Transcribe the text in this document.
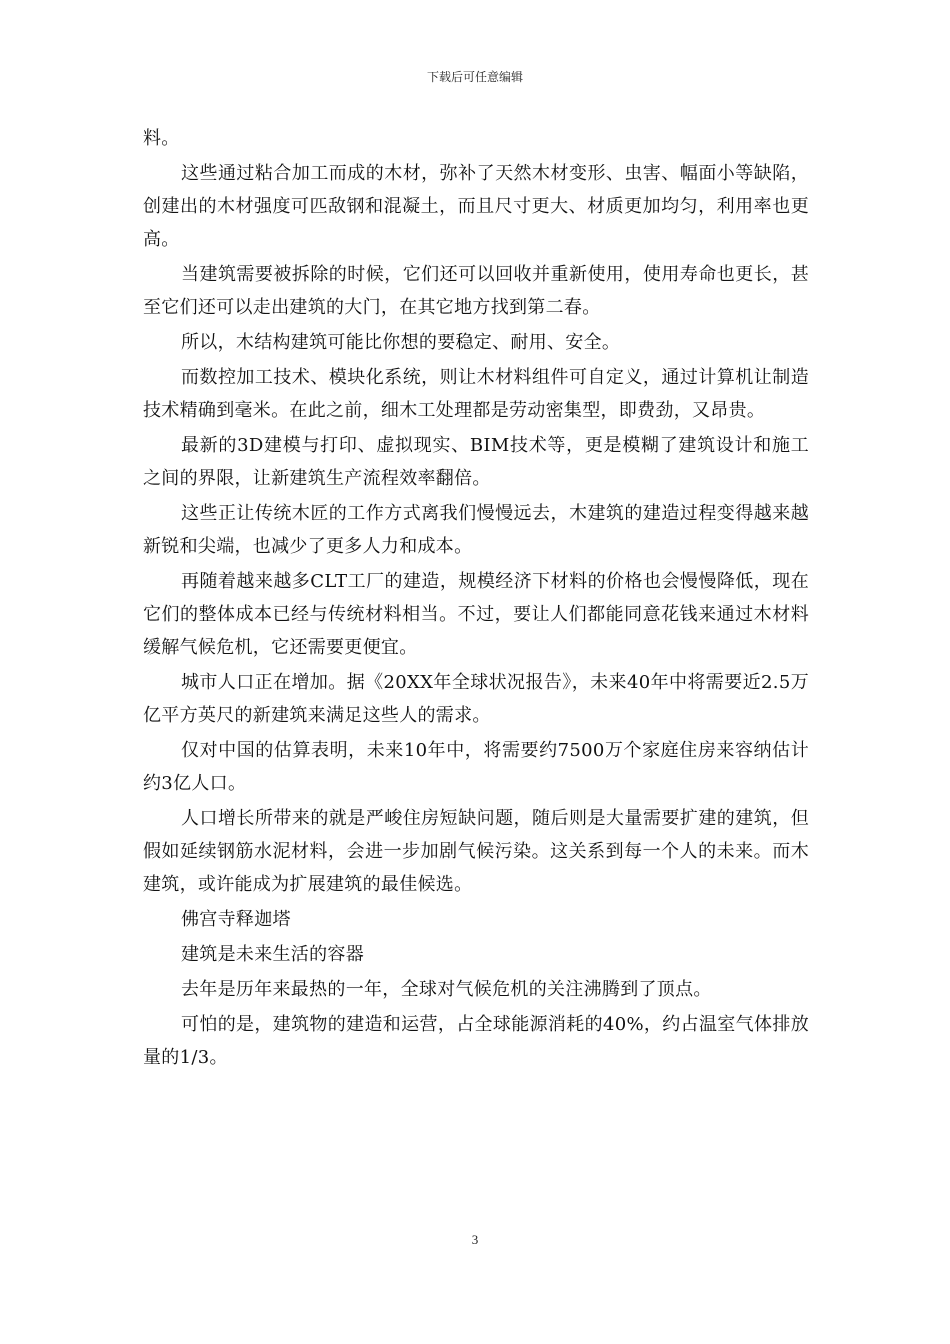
下载后可任意编辑

料。

这些通过粘合加工而成的木材，弥补了天然木材变形、虫害、幅面小等缺陷，创建出的木材强度可匹敌钢和混凝土，而且尺寸更大、材质更加均匀，利用率也更高。

当建筑需要被拆除的时候，它们还可以回收并重新使用，使用寿命也更长，甚至它们还可以走出建筑的大门，在其它地方找到第二春。

所以，木结构建筑可能比你想的要稳定、耐用、安全。

而数控加工技术、模块化系统，则让木材料组件可自定义，通过计算机让制造技术精确到毫米。在此之前，细木工处理都是劳动密集型，即费劲，又昂贵。

最新的3D建模与打印、虚拟现实、BIM技术等，更是模糊了建筑设计和施工之间的界限，让新建筑生产流程效率翻倍。

这些正让传统木匠的工作方式离我们慢慢远去，木建筑的建造过程变得越来越新锐和尖端，也减少了更多人力和成本。

再随着越来越多CLT工厂的建造，规模经济下材料的价格也会慢慢降低，现在它们的整体成本已经与传统材料相当。不过，要让人们都能同意花钱来通过木材料缓解气候危机，它还需要更便宜。

城市人口正在增加。据《20XX年全球状况报告》，未来40年中将需要近2.5万亿平方英尺的新建筑来满足这些人的需求。

仅对中国的估算表明，未来10年中，将需要约7500万个家庭住房来容纳估计约3亿人口。

人口增长所带来的就是严峻住房短缺问题，随后则是大量需要扩建的建筑，但假如延续钢筋水泥材料，会进一步加剧气候污染。这关系到每一个人的未来。而木建筑，或许能成为扩展建筑的最佳候选。

佛宫寺释迦塔

建筑是未来生活的容器

去年是历年来最热的一年，全球对气候危机的关注沸腾到了顶点。

可怕的是，建筑物的建造和运营，占全球能源消耗的40%，约占温室气体排放量的1/3。

3
